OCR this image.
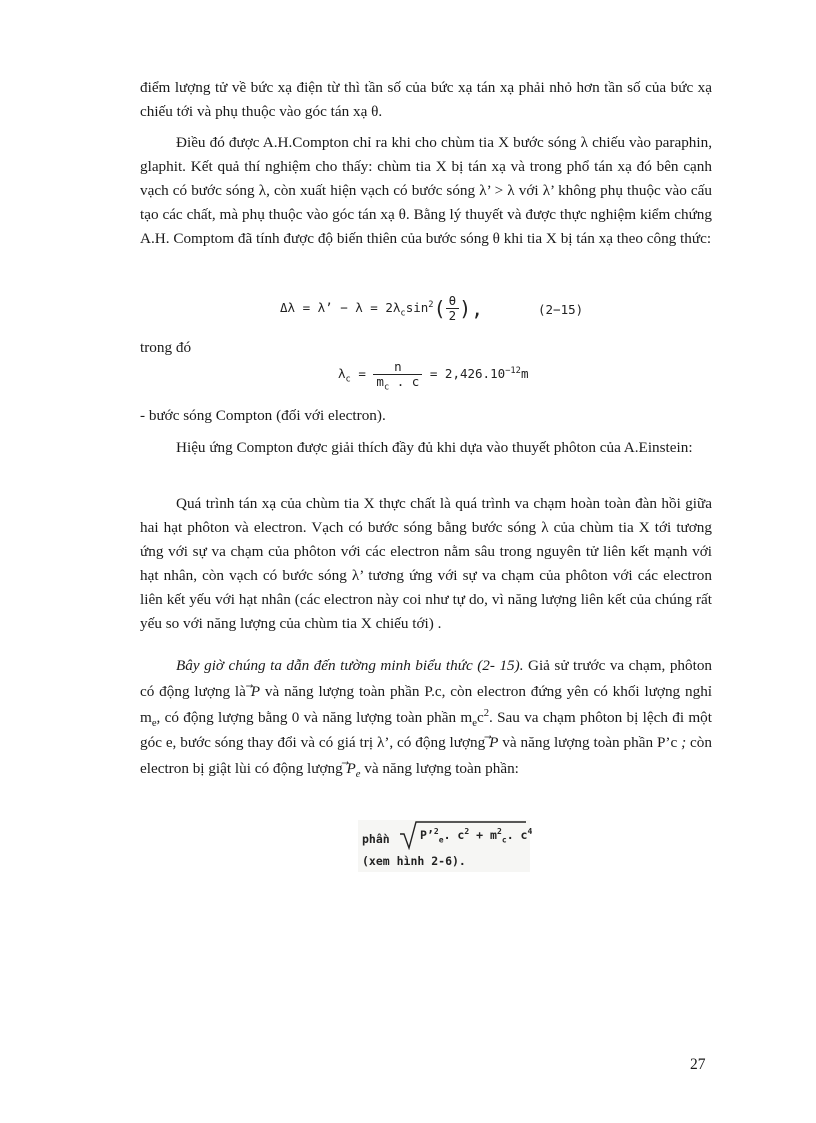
điểm lượng tử về bức xạ điện từ thì tần số của bức xạ tán xạ phải nhỏ hơn tần số của bức xạ chiếu tới và phụ thuộc vào góc tán xạ θ.

Điều đó được A.H.Compton chỉ ra khi cho chùm tia X bước sóng λ chiếu vào paraphin, glaphit. Kết quả thí nghiệm cho thấy: chùm tia X bị tán xạ và trong phổ tán xạ đó bên cạnh vạch có bước sóng λ, còn xuất hiện vạch có bước sóng λ’ > λ với λ’ không phụ thuộc vào cấu tạo các chất, mà phụ thuộc vào góc tán xạ θ. Bằng lý thuyết và được thực nghiệm kiểm chứng A.H. Comptom đã tính được độ biến thiên của bước sóng θ khi tia X bị tán xạ theo công thức:

Δλ = λ’ − $\lambda = 2\lambda_c\sin^2( \frac{\theta}{2}$ ),	(2−15)

trong đó

$\lambda_c = \frac{n}{m_c . c} = 2,426.10^{-12}m$

- bước sóng Compton (đối với electron).

Hiệu ứng Compton được giải thích đầy đủ khi dựa vào thuyết phôton của A.Einstein:

Quá trình tán xạ của chùm tia X thực chất là quá trình va chạm hoàn toàn đàn hồi giữa hai hạt phôton và electron. Vạch có bước sóng bằng bước sóng λ của chùm tia X tới tương ứng với sự va chạm của phôton với các electron nằm sâu trong nguyên tử liên kết mạnh với hạt nhân, còn vạch có bước sóng λ’ tương ứng với sự va chạm của phôton với các electron liên kết yếu với hạt nhân (các electron này coi như tự do, vì năng lượng liên kết của chúng rất yếu so với năng lượng của chùm tia X chiếu tới) .

Bây giờ chúng ta dẫn đến tường minh biểu thức (2- 15). Giả sử trước va chạm, phôton có động lượng là P và năng lượng toàn phần P.c, còn electron đứng yên có khối lượng nghỉ $m_e$, có động lượng bằng 0 và năng lượng toàn phần $m_ec^2$. Sau va chạm phôton bị lệch đi một góc e, bước sóng thay đổi và có giá trị λ’, có động lượng P và năng lượng toàn phần P’c ; còn electron bị giật lùi có động lượng $P_e$ và năng lượng toàn phần:

phần	P’$^2_e$. $c^2 + m^2_c$. $c^4$
(xem hình 2-6).
27
